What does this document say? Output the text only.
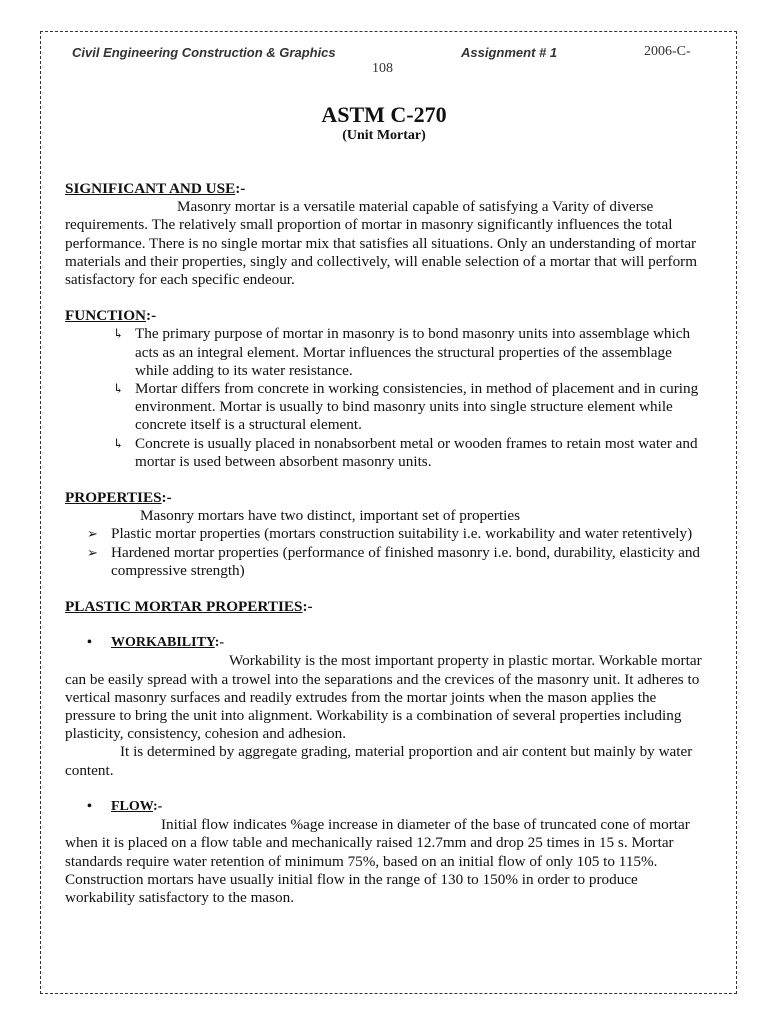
Civil Engineering Construction & Graphics	Assignment # 1	2006-C-
108
ASTM C-270
(Unit Mortar)

SIGNIFICANT AND USE:-

Masonry mortar is a versatile material capable of satisfying a Varity of diverse requirements. The relatively small proportion of mortar in masonry significantly influences the total performance. There is no single mortar mix that satisfies all situations. Only an understanding of mortar materials and their properties, singly and collectively, will enable selection of a mortar that will perform satisfactory for each specific endeour.

FUNCTION:-

↳ The primary purpose of mortar in masonry is to bond masonry units into assemblage which acts as an integral element. Mortar influences the structural properties of the assemblage while adding to its water resistance.
↳ Mortar differs from concrete in working consistencies, in method of placement and in curing environment. Mortar is usually to bind masonry units into single structure element while concrete itself is a structural element.
↳ Concrete is usually placed in nonabsorbent metal or wooden frames to retain most water and mortar is used between absorbent masonry units.

PROPERTIES:-

Masonry mortars have two distinct, important set of properties

➢ Plastic mortar properties (mortars construction suitability i.e. workability and water retentively)
➢ Hardened mortar properties (performance of finished masonry i.e. bond, durability, elasticity and compressive strength)

PLASTIC MORTAR PROPERTIES:-

• WORKABILITY:-

Workability is the most important property in plastic mortar. Workable mortar can be easily spread with a trowel into the separations and the crevices of the masonry unit. It adheres to vertical masonry surfaces and readily extrudes from the mortar joints when the mason applies the pressure to bring the unit into alignment. Workability is a combination of several properties including plasticity, consistency, cohesion and adhesion.

It is determined by aggregate grading, material proportion and air content but mainly by water content.

• FLOW:-

Initial flow indicates %age increase in diameter of the base of truncated cone of mortar when it is placed on a flow table and mechanically raised 12.7mm and drop 25 times in 15 s. Mortar standards require water retention of minimum 75%, based on an initial flow of only 105 to 115%. Construction mortars have usually initial flow in the range of 130 to 150% in order to produce workability satisfactory to the mason.
